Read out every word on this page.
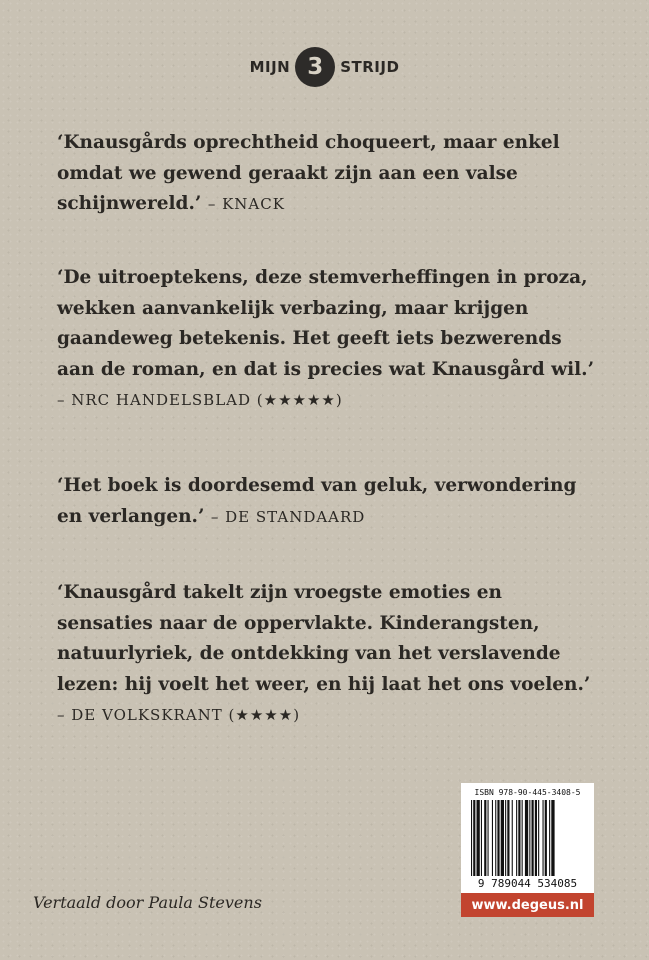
MIJN 3	STRIJD

‘Knausgårds oprechtheid choqueert, maar enkel omdat we gewend geraakt zijn aan een valse schijnwereld.’ – KNACK

‘De uitroeptekens, deze stemverheffingen in proza, wekken aanvankelijk verbazing, maar krijgen gaandeweg betekenis. Het geeft iets bezwerends aan de roman, en dat is precies wat Knausgård wil.’
– NRC HANDELSBLAD (★★★★★)

‘Het boek is doordesemd van geluk, verwondering en verlangen.’ – DE STANDAARD

‘Knausgård takelt zijn vroegste emoties en sensaties naar de oppervlakte. Kinderangsten, natuurlyriek, de ontdekking van het verslavende lezen: hij voelt het weer, en hij laat het ons voelen.’
– DE VOLKSKRANT (★★★★)

Vertaald door Paula Stevens
ISBN 978-90-445-3408-5
9 789044 534085
www.degeus.nl
